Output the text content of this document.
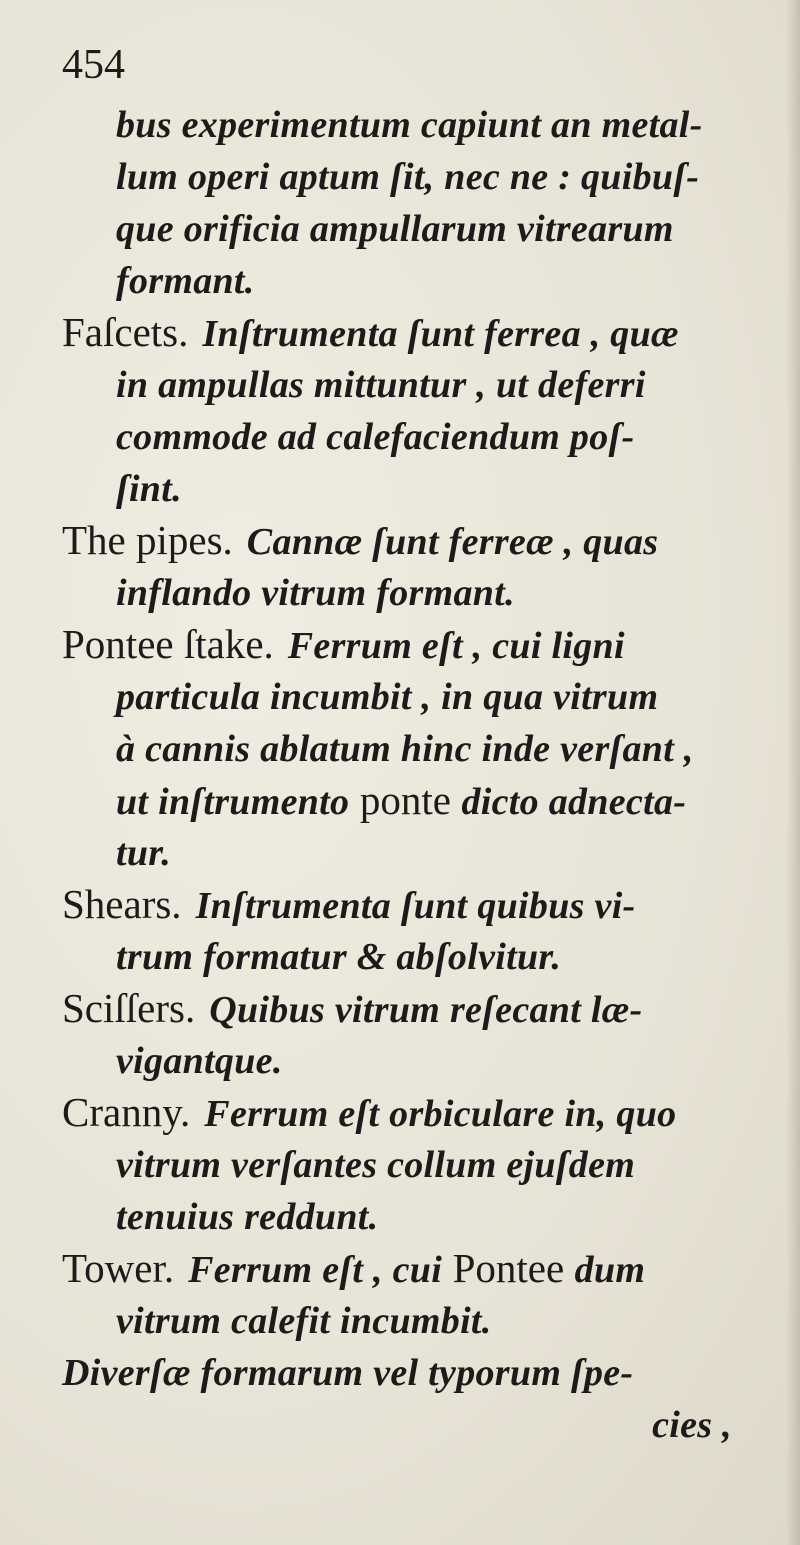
454
bus experimentum capiunt an metal-
lum operi aptum ſit, nec ne : quibuſ-
que orificia ampullarum vitrearum
formant.
Faſcets. Inſtrumenta ſunt ferrea , quæ
in ampullas mittuntur , ut deferri
commode ad calefaciendum poſ-
ſint.
The pipes. Cannæ ſunt ferreæ , quas
inflando vitrum formant.
Pontee ſtake. Ferrum eſt , cui ligni
particula incumbit , in qua vitrum
à cannis ablatum hinc inde verſant ,
ut inſtrumento ponte dicto adnecta-
tur.
Shears. Inſtrumenta ſunt quibus vi-
trum formatur & abſolvitur.
Sciſſers. Quibus vitrum reſecant læ-
vigantque.
Cranny. Ferrum eſt orbiculare in, quo
vitrum verſantes collum ejuſdem
tenuius reddunt.
Tower. Ferrum eſt , cui Pontee dum
vitrum calefit incumbit.
Diverſæ formarum vel typorum ſpe-
cies ,
